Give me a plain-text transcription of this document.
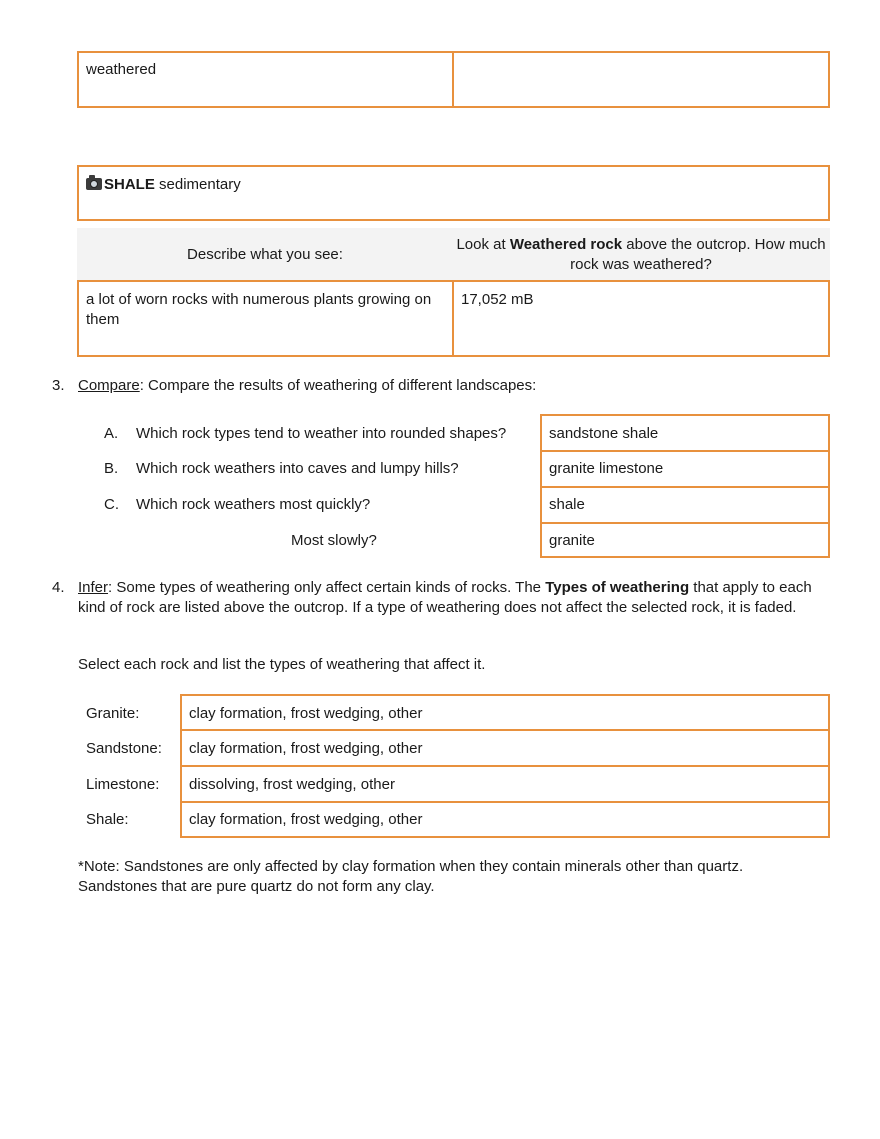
weathered
SHALE sedimentary
Describe what you see:
Look at Weathered rock above the outcrop. How much rock was weathered?
a lot of worn rocks with numerous plants growing on them
17,052 mB
3. Compare: Compare the results of weathering of different landscapes:
A. Which rock types tend to weather into rounded shapes?
B. Which rock weathers into caves and lumpy hills?
C. Which rock weathers most quickly?
Most slowly?
sandstone shale
granite limestone
shale
granite
4. Infer: Some types of weathering only affect certain kinds of rocks. The Types of weathering that apply to each kind of rock are listed above the outcrop. If a type of weathering does not affect the selected rock, it is faded.
Select each rock and list the types of weathering that affect it.
Granite:
Sandstone:
Limestone:
Shale:
clay formation, frost wedging, other
clay formation, frost wedging, other
dissolving, frost wedging, other
clay formation, frost wedging, other
*Note: Sandstones are only affected by clay formation when they contain minerals other than quartz. Sandstones that are pure quartz do not form any clay.
